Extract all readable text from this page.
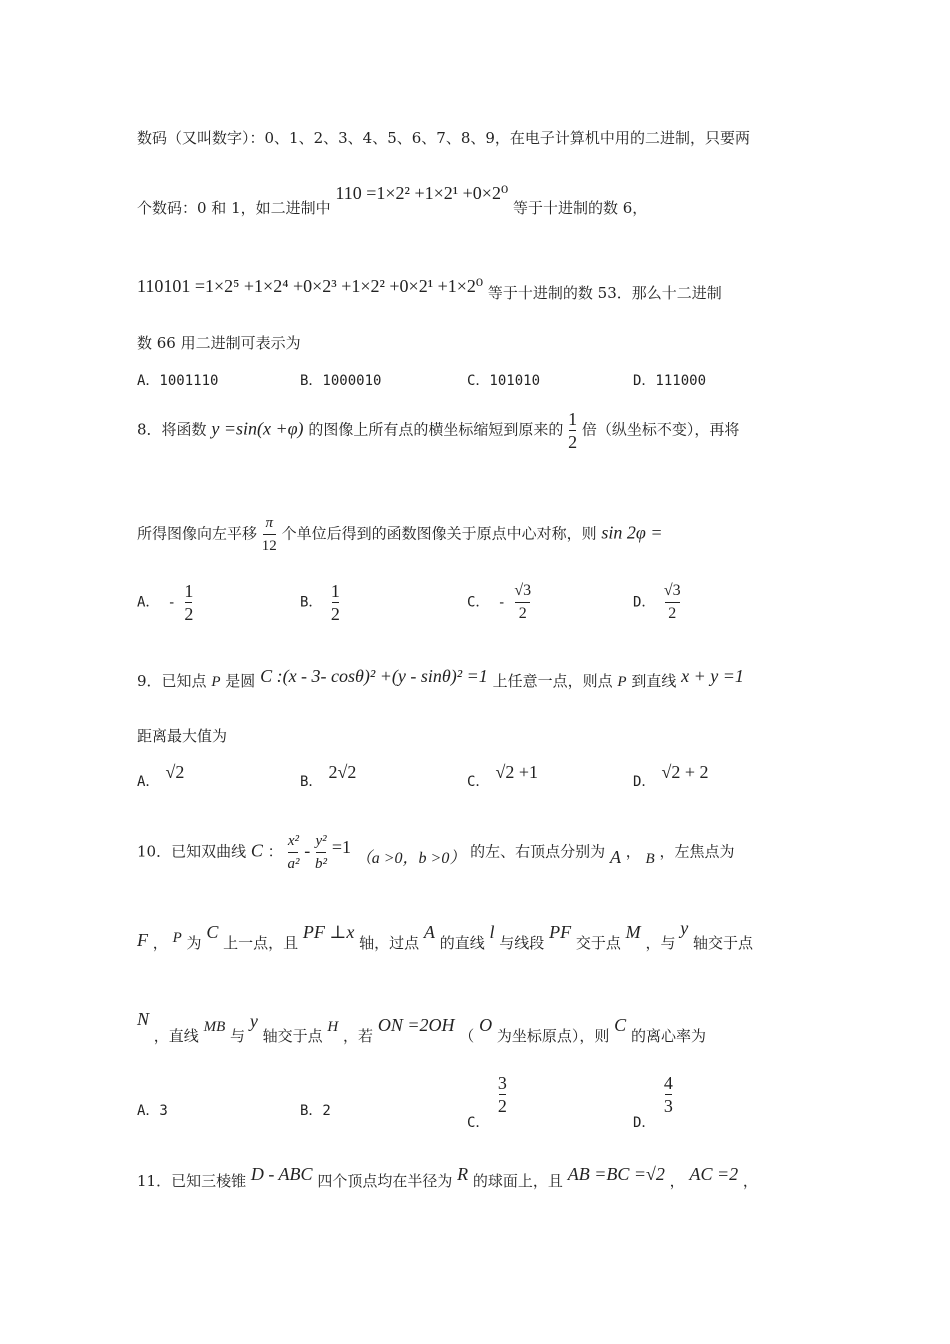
数码（又叫数字）：0、1、2、3、4、5、6、7、8、9，在电子计算机中用的二进制，只要两
个数码：0 和 1，如二进制中 110 =1×2² +1×2¹ +0×2⁰ 等于十进制的数 6，
110101 =1×2⁵ +1×2⁴ +0×2³ +1×2² +0×2¹ +1×2⁰ 等于十进制的数 53．那么十二进制
数 66 用二进制可表示为
A．1001110	B．1000010	C．101010	D．111000
8．将函数 y =sin(x +φ) 的图像上所有点的横坐标缩短到原来的 $\frac{1}{2}$ 倍（纵坐标不变），再将
所得图像向左平移 $\frac{\pi}{12}$ 个单位后得到的函数图像关于原点中心对称，则 sin 2φ =
A． - $\frac{1}{2}$	B． $\frac{1}{2}$	C． - $\frac{√3}{2}$	D． $\frac{√3}{2}$
9．已知点 P 是圆 C :(x - 3- cosθ)² +(y - sinθ)² =1 上任意一点，则点 P 到直线 x + y =1
距离最大值为
A． √2	B． 2√2	C． √2 +1	D． √2 + 2
10．已知双曲线 C ： $\frac{\text{x²}}{\text{a²}} - \frac{\text{y²}}{\text{b²}} =1$ （a >0，b >0） 的左、右顶点分别为 A ， B ，左焦点为
F ， P 为 C 上一点，且 PF ⊥x 轴，过点 A 的直线 l 与线段 PF 交于点 M ，与 y 轴交于点
N ，直线 MB 与 y 轴交于点 H ，若 ON =2OH （ O 为坐标原点），则 C 的离心率为
A．3	B．2
C．
$\frac{3}{2}$
D．
$\frac{4}{3}$
11．已知三棱锥 D - ABC 四个顶点均在半径为 R 的球面上，且 AB =BC =√2 ， AC =2 ，
